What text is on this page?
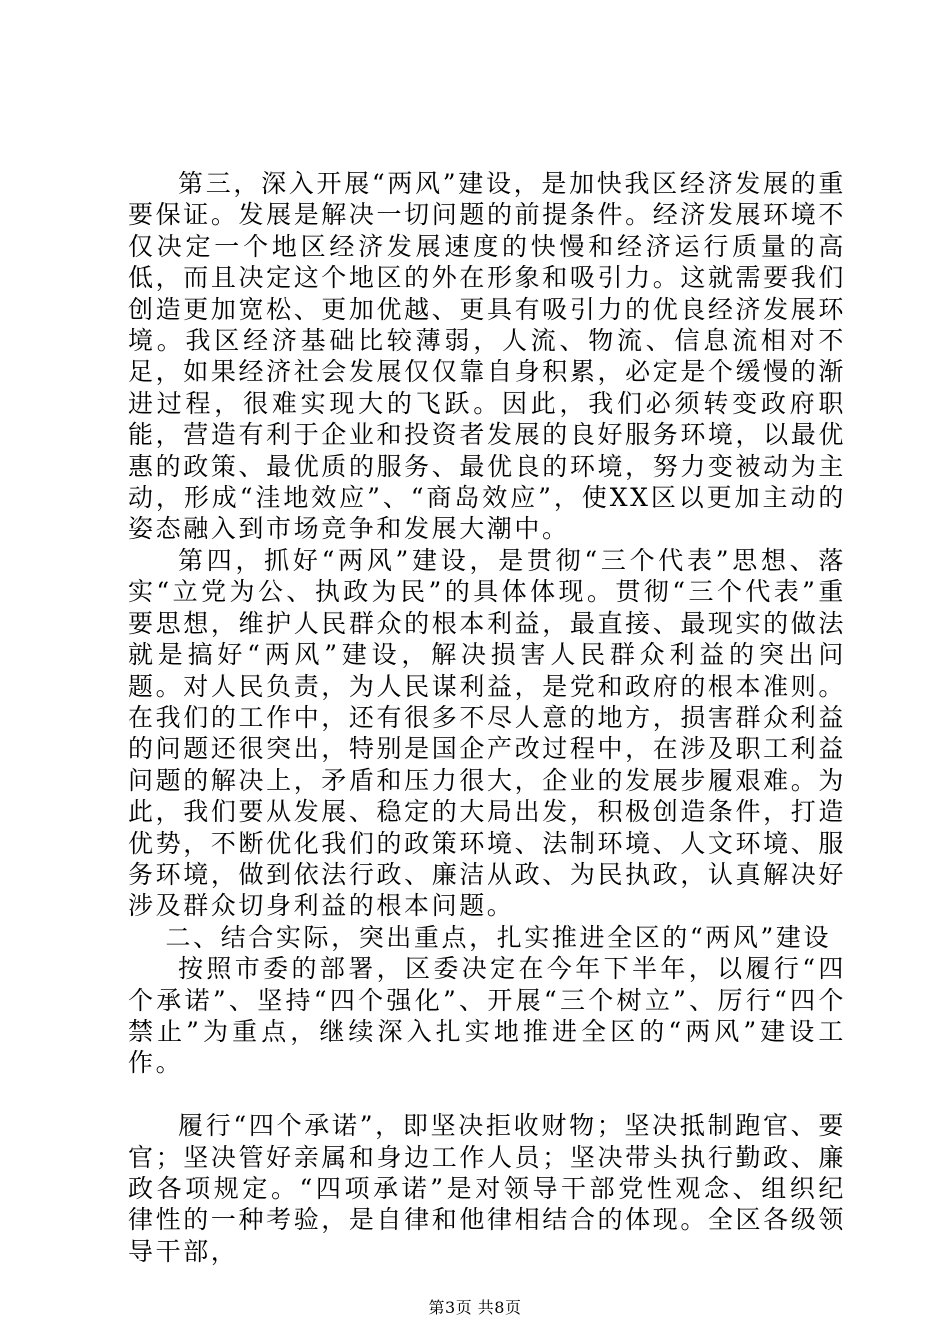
第三，深入开展“两风”建设，是加快我区经济发展的重要保证。发展是解决一切问题的前提条件。经济发展环境不仅决定一个地区经济发展速度的快慢和经济运行质量的高低，而且决定这个地区的外在形象和吸引力。这就需要我们创造更加宽松、更加优越、更具有吸引力的优良经济发展环境。我区经济基础比较薄弱，人流、物流、信息流相对不足，如果经济社会发展仅仅靠自身积累，必定是个缓慢的渐进过程，很难实现大的飞跃。因此，我们必须转变政府职能，营造有利于企业和投资者发展的良好服务环境，以最优惠的政策、最优质的服务、最优良的环境，努力变被动为主动，形成“洼地效应”、“商岛效应”，使XX区以更加主动的姿态融入到市场竞争和发展大潮中。

第四，抓好“两风”建设，是贯彻“三个代表”思想、落实“立党为公、执政为民”的具体体现。贯彻“三个代表”重要思想，维护人民群众的根本利益，最直接、最现实的做法就是搞好“两风”建设，解决损害人民群众利益的突出问题。对人民负责，为人民谋利益，是党和政府的根本准则。在我们的工作中，还有很多不尽人意的地方，损害群众利益的问题还很突出，特别是国企产改过程中，在涉及职工利益问题的解决上，矛盾和压力很大，企业的发展步履艰难。为此，我们要从发展、稳定的大局出发，积极创造条件，打造优势，不断优化我们的政策环境、法制环境、人文环境、服务环境，做到依法行政、廉洁从政、为民执政，认真解决好涉及群众切身利益的根本问题。

二、结合实际，突出重点，扎实推进全区的“两风”建设

按照市委的部署，区委决定在今年下半年，以履行“四个承诺”、坚持“四个强化”、开展“三个树立”、厉行“四个禁止”为重点，继续深入扎实地推进全区的“两风”建设工作。

履行“四个承诺”，即坚决拒收财物；坚决抵制跑官、要官；坚决管好亲属和身边工作人员；坚决带头执行勤政、廉政各项规定。“四项承诺”是对领导干部党性观念、组织纪律性的一种考验，是自律和他律相结合的体现。全区各级领导干部，

第3页 共8页
